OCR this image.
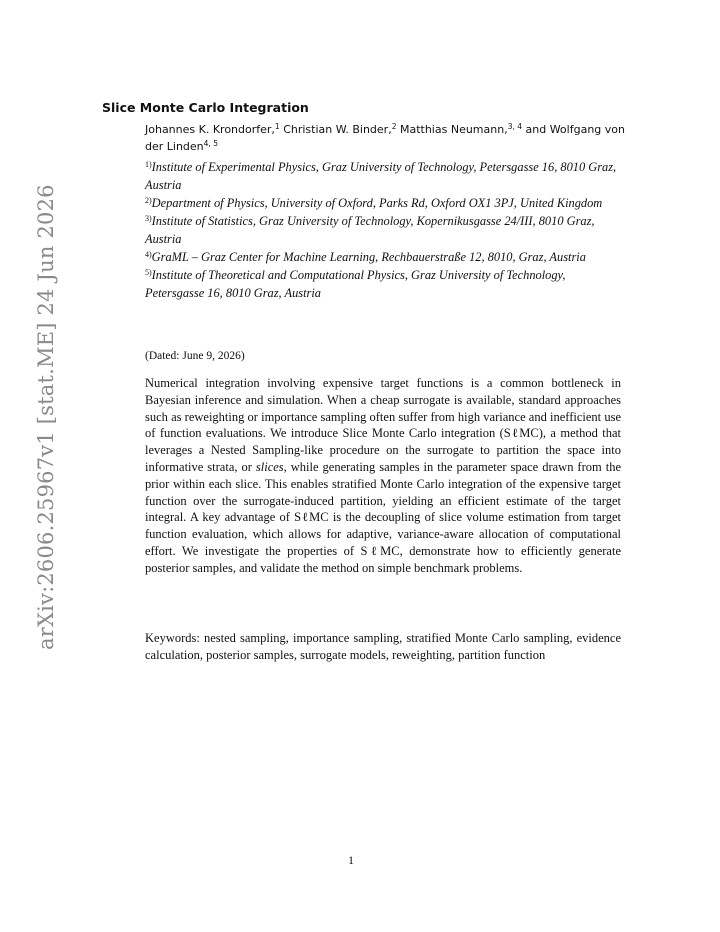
arXiv:2606.25967v1 [stat.ME] 24 Jun 2026
Slice Monte Carlo Integration
Johannes K. Krondorfer,$^1$ Christian W. Binder,$^2$ Matthias Neumann,$^{3, 4}$ and Wolfgang von der Linden$^{4, 5}$

$^{1)}$Institute of Experimental Physics, Graz University of Technology, Petersgasse 16, 8010 Graz, Austria

$^{2)}$Department of Physics, University of Oxford, Parks Rd, Oxford OX1 3PJ, United Kingdom

$^{3)}$Institute of Statistics, Graz University of Technology, Kopernikusgasse 24/III, 8010 Graz, Austria

$^{4)}$GraML – Graz Center for Machine Learning, Rechbauerstraße 12, 8010, Graz, Austria

$^{5)}$Institute of Theoretical and Computational Physics, Graz University of Technology, Petersgasse 16, 8010 Graz, Austria

(Dated: June 9, 2026)
Numerical integration involving expensive target functions is a common bottleneck in Bayesian inference and simulation. When a cheap surrogate is available, standard approaches such as reweighting or importance sampling often suffer from high variance and inefficient use of function evaluations. We introduce Slice Monte Carlo integration (SℓMC), a method that leverages a Nested Sampling-like procedure on the surrogate to partition the space into informative strata, or slices, while generating samples in the parameter space drawn from the prior within each slice. This enables stratified Monte Carlo integration of the expensive target function over the surrogate-induced partition, yielding an efficient estimate of the target integral. A key advantage of SℓMC is the decoupling of slice volume estimation from target function evaluation, which allows for adaptive, variance-aware allocation of computational effort. We investigate the properties of SℓMC, demonstrate how to efficiently generate posterior samples, and validate the method on simple benchmark problems.
Keywords: nested sampling, importance sampling, stratified Monte Carlo sampling, evidence calculation, posterior samples, surrogate models, reweighting, partition function
1
